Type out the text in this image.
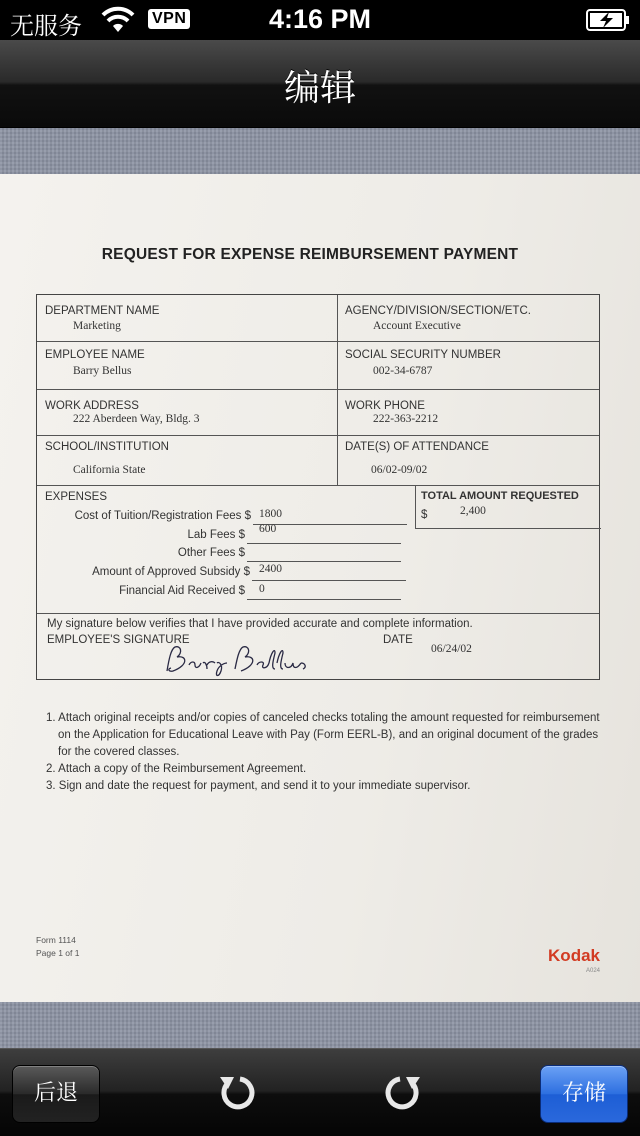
无服务	VPN	4:16 PM
编辑
REQUEST FOR EXPENSE REIMBURSEMENT PAYMENT
DEPARTMENT NAME
Marketing
AGENCY/DIVISION/SECTION/ETC.
Account Executive
EMPLOYEE NAME
Barry Bellus
SOCIAL SECURITY NUMBER
002-34-6787
WORK ADDRESS
222 Aberdeen Way, Bldg. 3
WORK PHONE
222-363-2212
SCHOOL/INSTITUTION
California State
DATE(S) OF ATTENDANCE
06/02-09/02
EXPENSES	TOTAL AMOUNT REQUESTED
$	2,400
Cost of Tuition/Registration Fees $ 1800
Lab Fees $ 600
Other Fees $
Amount of Approved Subsidy $ 2400
Financial Aid Received $ 0
My signature below verifies that I have provided accurate and complete information.
EMPLOYEE'S SIGNATURE	DATE
06/24/02
Barry Bellus
1. Attach original receipts and/or copies of canceled checks totaling the amount requested for reimbursement
on the Application for Educational Leave with Pay (Form EERL-B), and an original document of the grades
for the covered classes.
2. Attach a copy of the Reimbursement Agreement.
3. Sign and date the request for payment, and send it to your immediate supervisor.
Form 1114
Page 1 of 1	Kodak
A024
后退	存储
